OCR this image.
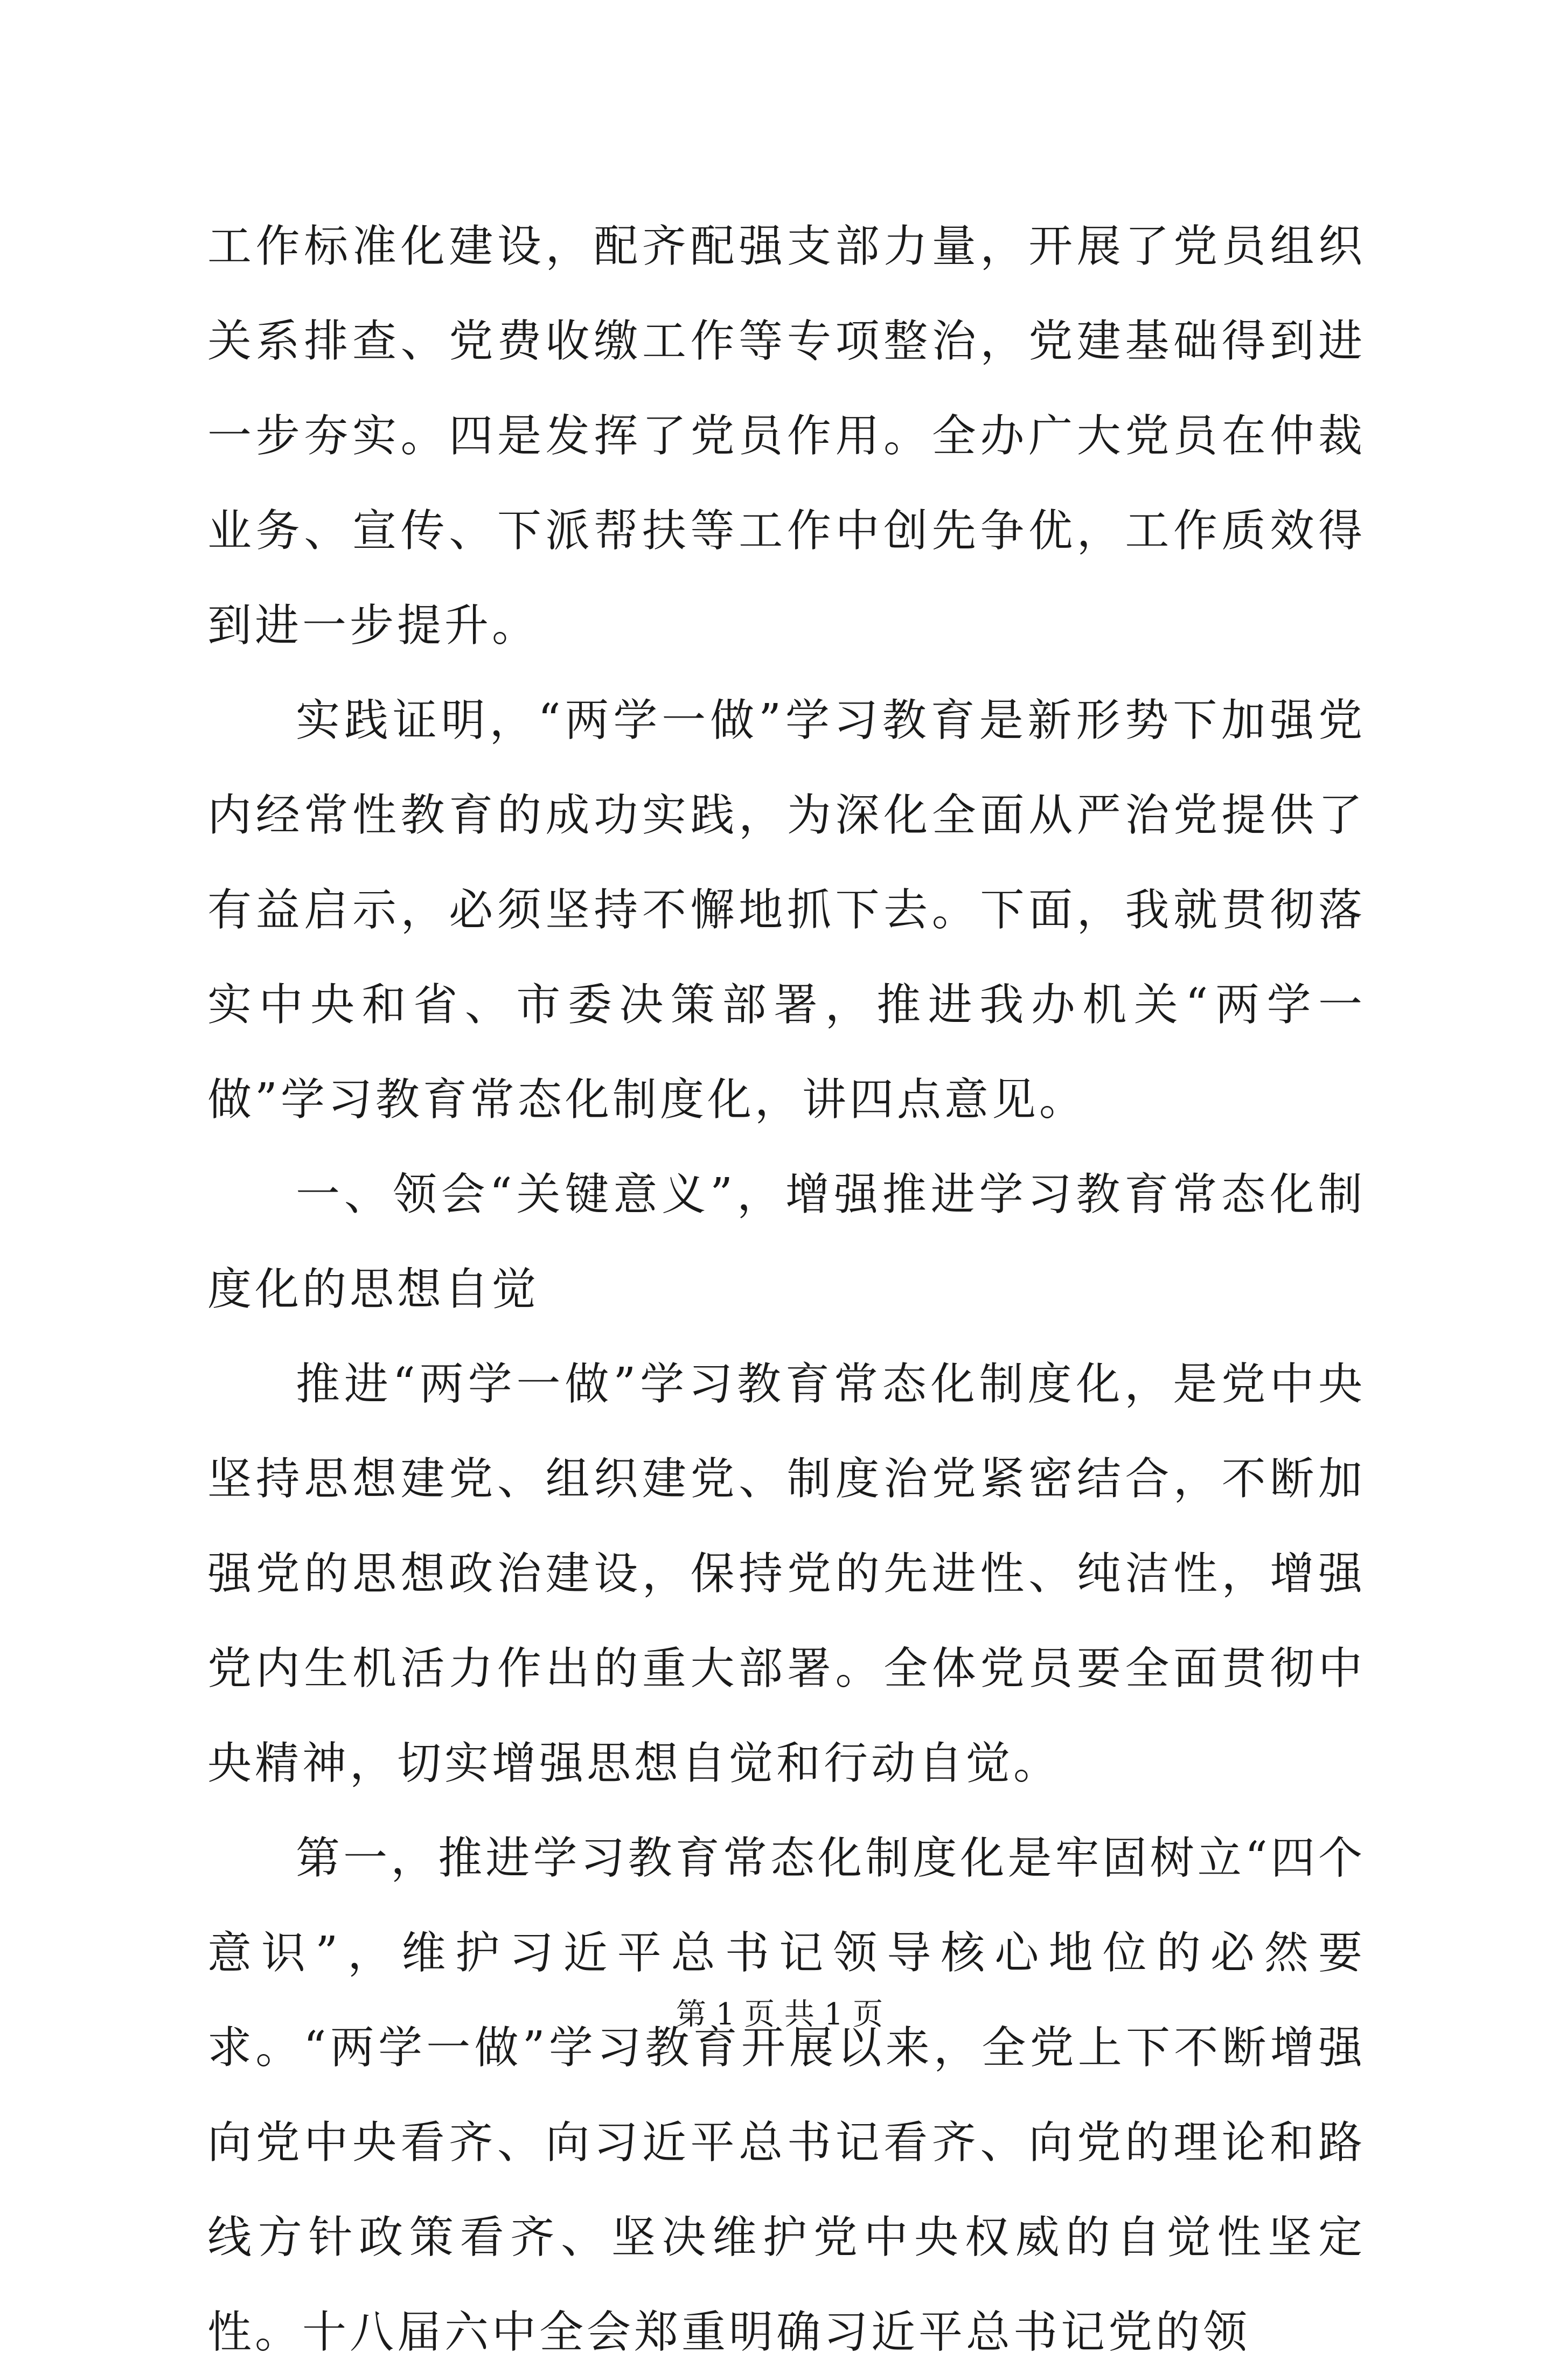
工作标准化建设，配齐配强支部力量，开展了党员组织关系排查、党费收缴工作等专项整治，党建基础得到进一步夯实。四是发挥了党员作用。全办广大党员在仲裁业务、宣传、下派帮扶等工作中创先争优，工作质效得到进一步提升。

实践证明，“两学一做”学习教育是新形势下加强党内经常性教育的成功实践，为深化全面从严治党提供了有益启示，必须坚持不懈地抓下去。下面，我就贯彻落实中央和省、市委决策部署，推进我办机关“两学一做”学习教育常态化制度化，讲四点意见。

一、领会“关键意义”，增强推进学习教育常态化制度化的思想自觉

推进“两学一做”学习教育常态化制度化，是党中央坚持思想建党、组织建党、制度治党紧密结合，不断加强党的思想政治建设，保持党的先进性、纯洁性，增强党内生机活力作出的重大部署。全体党员要全面贯彻中央精神，切实增强思想自觉和行动自觉。

第一，推进学习教育常态化制度化是牢固树立“四个意识”，维护习近平总书记领导核心地位的必然要求。“两学一做”学习教育开展以来，全党上下不断增强向党中央看齐、向习近平总书记看齐、向党的理论和路线方针政策看齐、坚决维护党中央权威的自觉性坚定性。十八届六中全会郑重明确习近平总书记党的领

第 1 页 共 1 页
